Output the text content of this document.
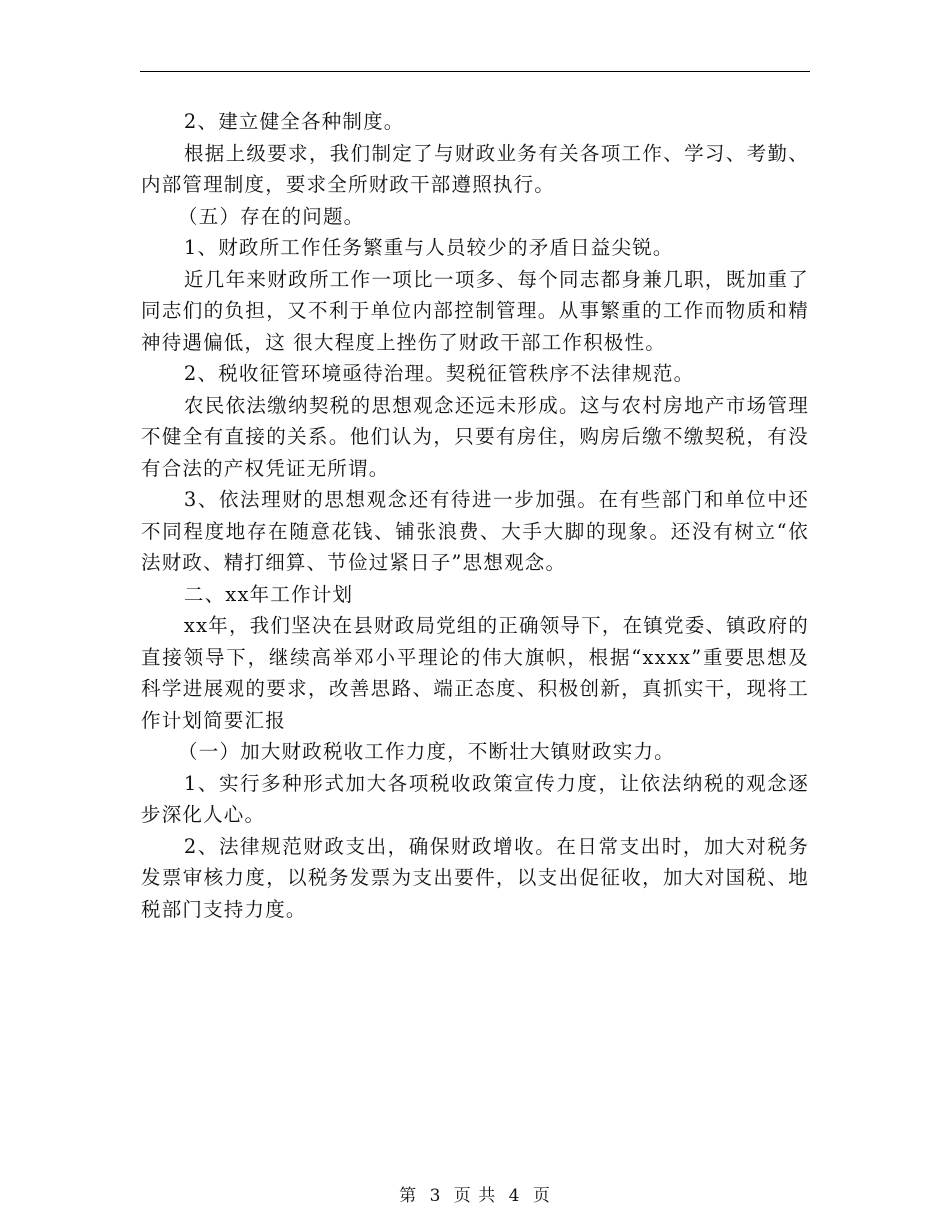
2、建立健全各种制度。

根据上级要求，我们制定了与财政业务有关各项工作、学习、考勤、内部管理制度，要求全所财政干部遵照执行。

（五）存在的问题。

1、财政所工作任务繁重与人员较少的矛盾日益尖锐。

近几年来财政所工作一项比一项多、每个同志都身兼几职，既加重了同志们的负担，又不利于单位内部控制管理。从事繁重的工作而物质和精神待遇偏低，这 很大程度上挫伤了财政干部工作积极性。

2、税收征管环境亟待治理。契税征管秩序不法律规范。

农民依法缴纳契税的思想观念还远未形成。这与农村房地产市场管理不健全有直接的关系。他们认为，只要有房住，购房后缴不缴契税，有没有合法的产权凭证无所谓。

3、依法理财的思想观念还有待进一步加强。在有些部门和单位中还不同程度地存在随意花钱、铺张浪费、大手大脚的现象。还没有树立“依法财政、精打细算、节俭过紧日子”思想观念。

二、xx年工作计划

xx年，我们坚决在县财政局党组的正确领导下，在镇党委、镇政府的直接领导下，继续高举邓小平理论的伟大旗帜，根据“xxxx”重要思想及科学进展观的要求，改善思路、端正态度、积极创新，真抓实干，现将工作计划简要汇报

（一）加大财政税收工作力度，不断壮大镇财政实力。

1、实行多种形式加大各项税收政策宣传力度，让依法纳税的观念逐步深化人心。

2、法律规范财政支出，确保财政增收。在日常支出时，加大对税务发票审核力度，以税务发票为支出要件，以支出促征收，加大对国税、地税部门支持力度。

第 3 页 共 4 页
